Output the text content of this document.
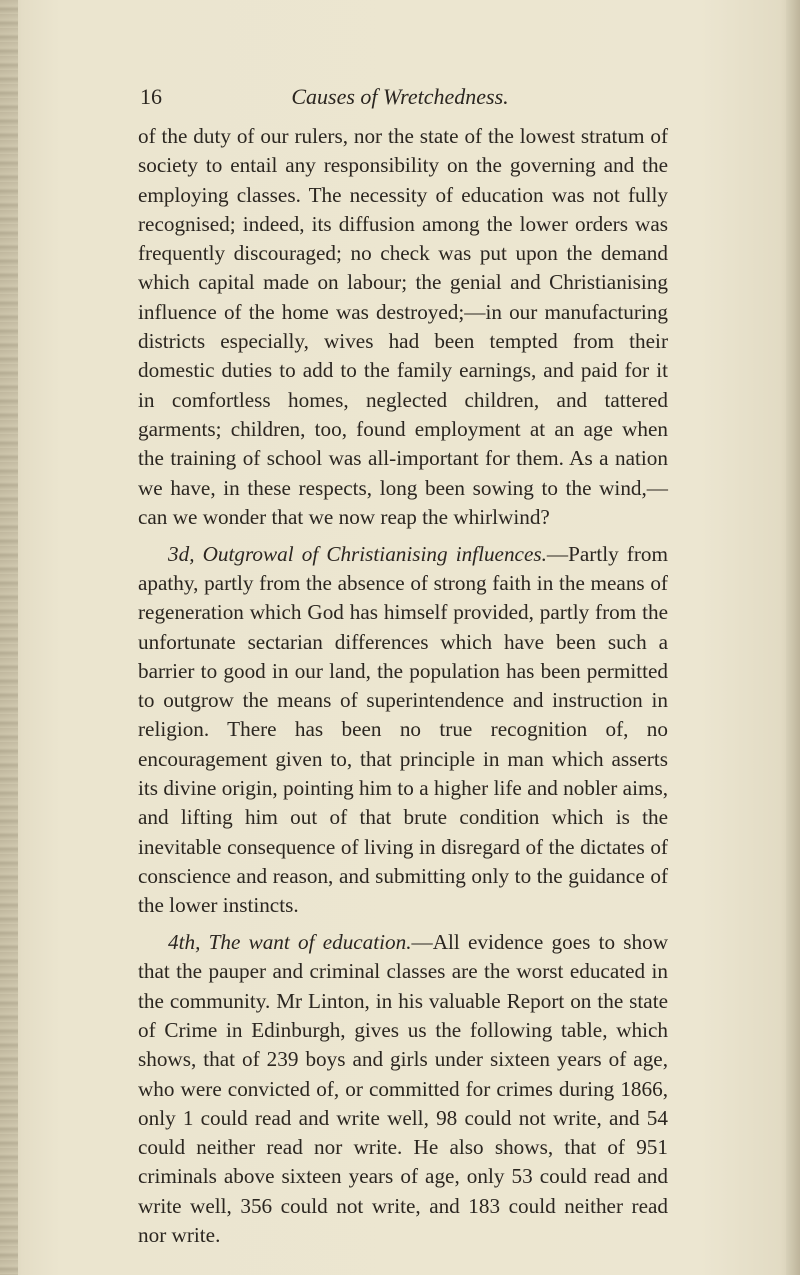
16	Causes of Wretchedness.

of the duty of our rulers, nor the state of the lowest stratum of society to entail any responsibility on the governing and the employing classes. The necessity of education was not fully recognised; indeed, its diffusion among the lower orders was frequently discouraged; no check was put upon the demand which capital made on labour; the genial and Christianising influence of the home was destroyed;—in our manufacturing districts especially, wives had been tempted from their domestic duties to add to the family earnings, and paid for it in comfortless homes, neglected children, and tattered garments; children, too, found employment at an age when the training of school was all-important for them. As a nation we have, in these respects, long been sowing to the wind,—can we wonder that we now reap the whirlwind?

3d, Outgrowal of Christianising influences.—Partly from apathy, partly from the absence of strong faith in the means of regeneration which God has himself provided, partly from the unfortunate sectarian differences which have been such a barrier to good in our land, the population has been permitted to outgrow the means of superintendence and instruction in religion. There has been no true recognition of, no encouragement given to, that principle in man which asserts its divine origin, pointing him to a higher life and nobler aims, and lifting him out of that brute condition which is the inevitable consequence of living in disregard of the dictates of conscience and reason, and submitting only to the guidance of the lower instincts.

4th, The want of education.—All evidence goes to show that the pauper and criminal classes are the worst educated in the community. Mr Linton, in his valuable Report on the state of Crime in Edinburgh, gives us the following table, which shows, that of 239 boys and girls under sixteen years of age, who were convicted of, or committed for crimes during 1866, only 1 could read and write well, 98 could not write, and 54 could neither read nor write. He also shows, that of 951 criminals above sixteen years of age, only 53 could read and write well, 356 could not write, and 183 could neither read nor write.
